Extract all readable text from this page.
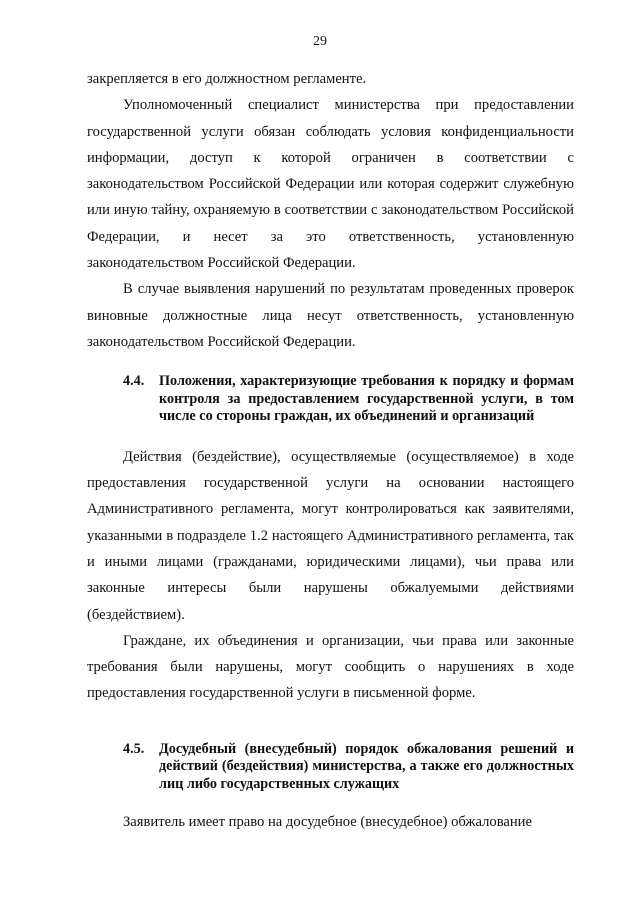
29

закрепляется в его должностном регламенте.

Уполномоченный специалист министерства при предоставлении государственной услуги обязан соблюдать условия конфиденциальности информации, доступ к которой ограничен в соответствии с законодательством Российской Федерации или которая содержит служебную или иную тайну, охраняемую в соответствии с законодательством Российской Федерации, и несет за это ответственность, установленную законодательством Российской Федерации.

В случае выявления нарушений по результатам проведенных проверок виновные должностные лица несут ответственность, установленную законодательством Российской Федерации.

4.4.	Положения, характеризующие требования к порядку и формам контроля за предоставлением государственной услуги, в том числе со стороны граждан, их объединений и организаций

Действия (бездействие), осуществляемые (осуществляемое) в ходе предоставления государственной услуги на основании настоящего Административного регламента, могут контролироваться как заявителями, указанными в подразделе 1.2 настоящего Административного регламента, так и иными лицами (гражданами, юридическими лицами), чьи права или законные интересы были нарушены обжалуемыми действиями (бездействием).

Граждане, их объединения и организации, чьи права или законные требования были нарушены, могут сообщить о нарушениях в ходе предоставления государственной услуги в письменной форме.

4.5.	Досудебный (внесудебный) порядок обжалования решений и действий (бездействия) министерства, а также его должностных лиц либо государственных служащих

Заявитель имеет право на досудебное (внесудебное) обжалование
